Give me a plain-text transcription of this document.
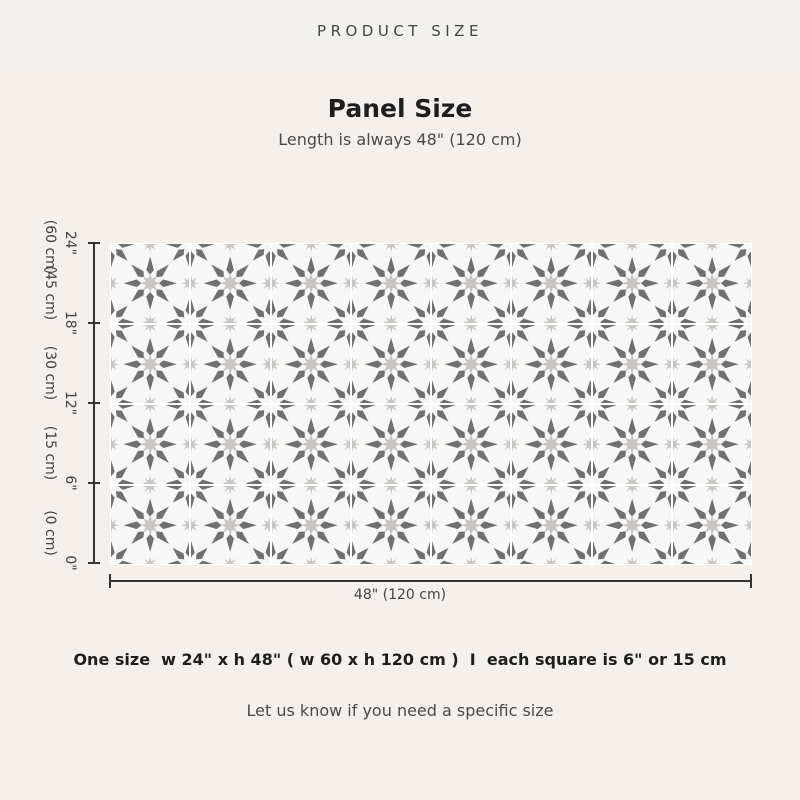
PRODUCT SIZE
Panel Size
Length is always 48" (120 cm)
24"
(60 cm)
18"
(45 cm)
12"
(30 cm)
6"
(15 cm)
0"
(0 cm)
48" (120 cm)
One size  w 24" x h 48" ( w 60 x h 120 cm )  I  each square is 6" or 15 cm
Let us know if you need a specific size
